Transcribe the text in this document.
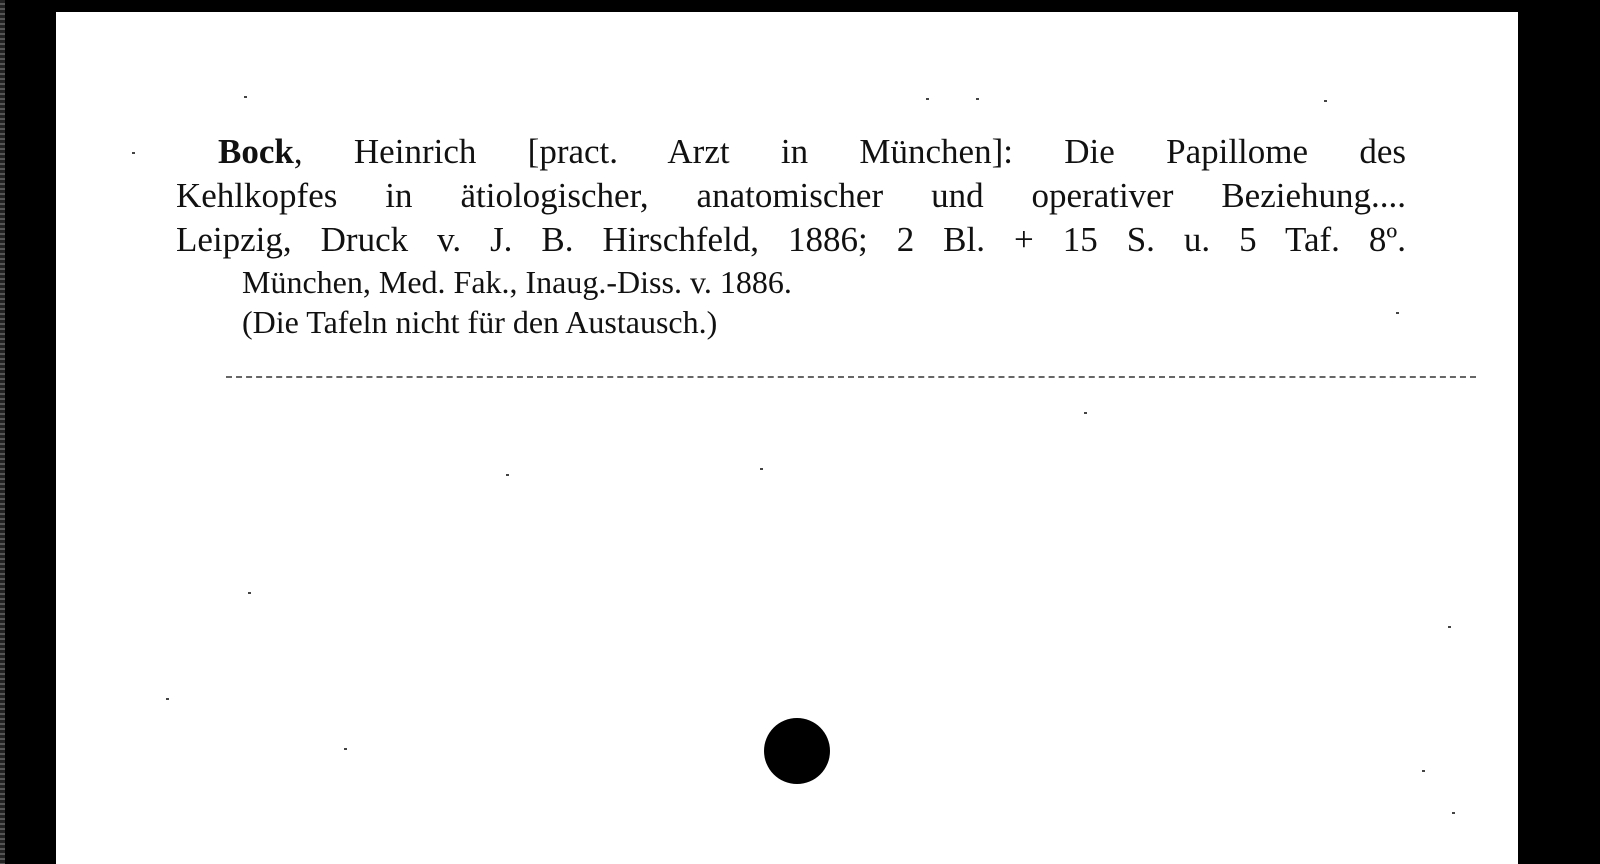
Bock, Heinrich [pract. Arzt in München]: Die Papillome des
Kehlkopfes in ätiologischer, anatomischer und operativer Beziehung....
Leipzig, Druck v. J. B. Hirschfeld, 1886; 2 Bl. + 15 S. u. 5 Taf. 8º.
München, Med. Fak., Inaug.-Diss. v. 1886.
(Die Tafeln nicht für den Austausch.)
